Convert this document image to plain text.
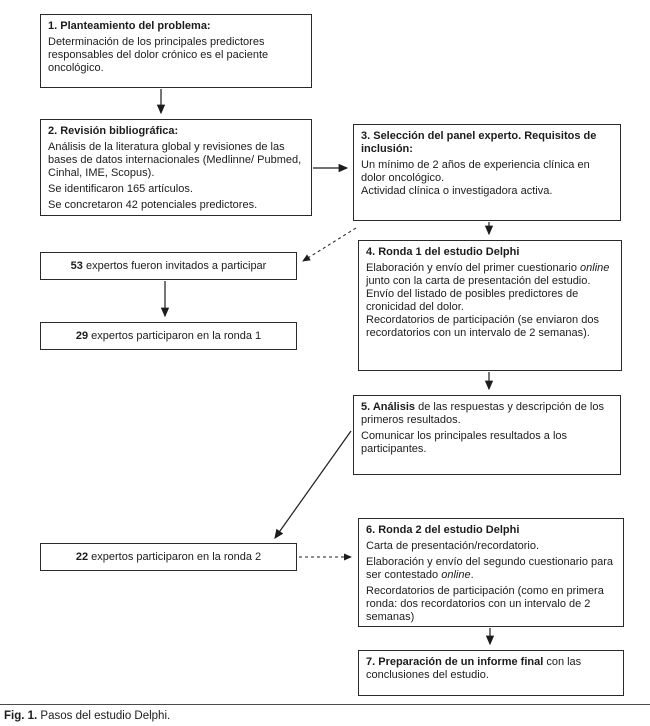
1. Planteamiento del problema:

Determinación de los principales predictores responsables del dolor crónico es el paciente oncológico.

2. Revisión bibliográfica:

Análisis de la literatura global y revisiones de las bases de datos internacionales (Medlinne/ Pubmed, Cinhal, IME, Scopus).

Se identificaron 165 artículos.

Se concretaron 42 potenciales predictores.

3. Selección del panel experto. Requisitos de inclusión:

Un mínimo de 2 años de experiencia clínica en dolor oncológico.

Actividad clínica o investigadora activa.

53 expertos fueron invitados a participar
29 expertos participaron en la ronda 1

4. Ronda 1 del estudio Delphi

Elaboración y envío del primer cuestionario online junto con la carta de presentación del estudio.

Envío del listado de posibles predictores de cronicidad del dolor.

Recordatorios de participación (se enviaron dos recordatorios con un intervalo de 2 semanas).

5. Análisis de las respuestas y descripción de los primeros resultados.

Comunicar los principales resultados a los participantes.

22 expertos participaron en la ronda 2

6. Ronda 2 del estudio Delphi

Carta de presentación/recordatorio.

Elaboración y envío del segundo cuestionario para ser contestado online.

Recordatorios de participación (como en primera ronda: dos recordatorios con un intervalo de 2 semanas)

7. Preparación de un informe final con las conclusiones del estudio.

Fig. 1. Pasos del estudio Delphi.
